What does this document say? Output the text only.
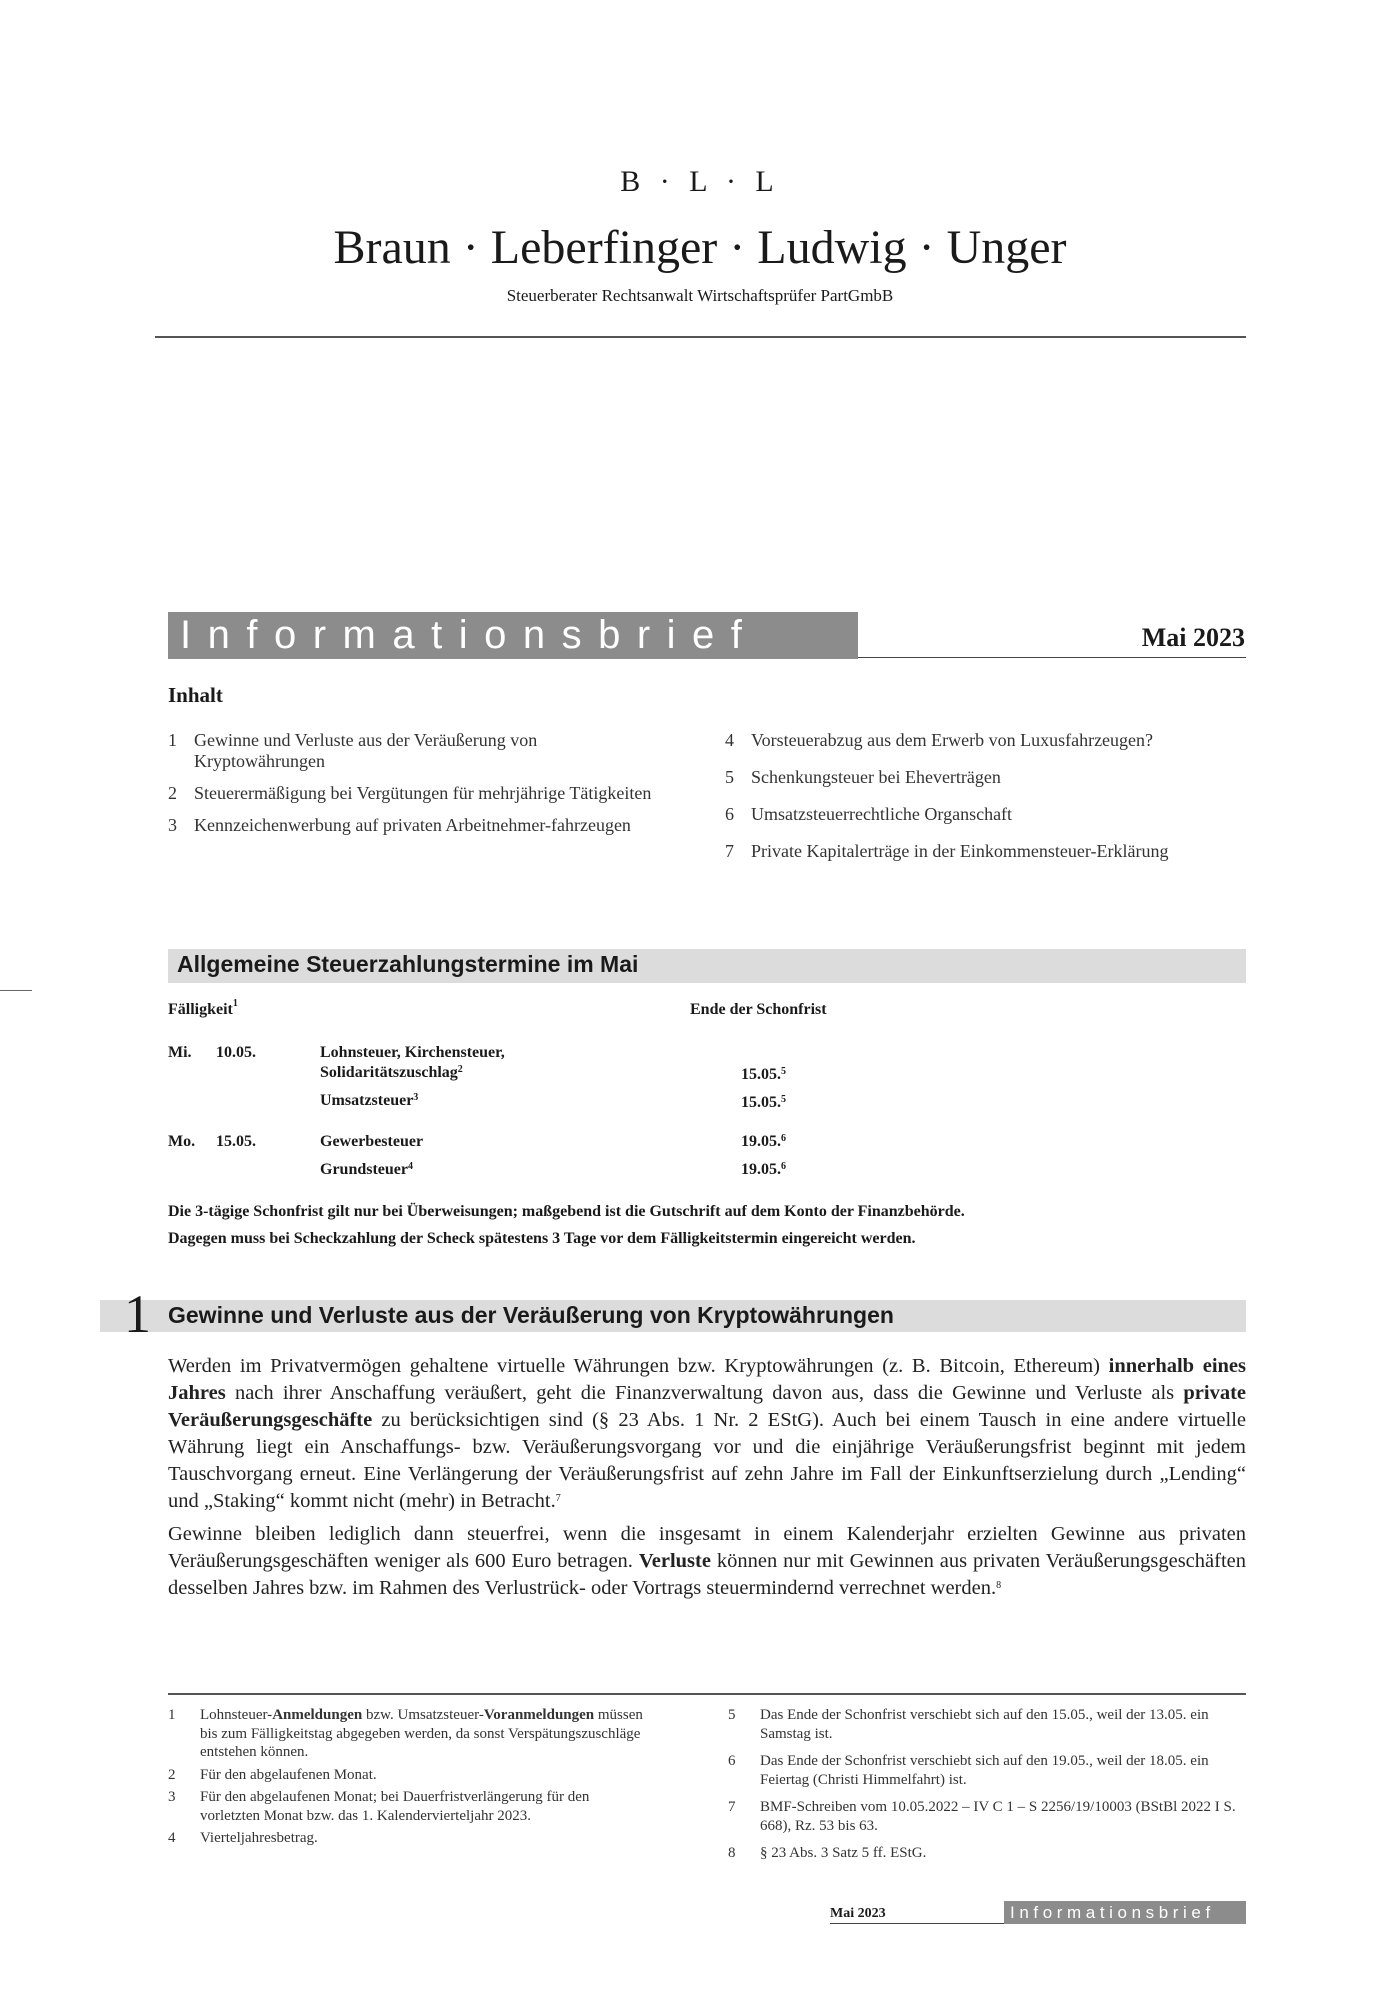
B · L · L
Braun · Leberfinger · Ludwig · Unger
Steuerberater Rechtsanwalt Wirtschaftsprüfer PartGmbB
Informationsbrief	Mai 2023
Inhalt
1 Gewinne und Verluste aus der Veräußerung von Kryptowährungen
2 Steuerermäßigung bei Vergütungen für mehrjährige Tätigkeiten
3 Kennzeichenwerbung auf privaten Arbeitnehmer-fahrzeugen
4 Vorsteuerabzug aus dem Erwerb von Luxusfahrzeugen?
5 Schenkungsteuer bei Eheverträgen
6 Umsatzsteuerrechtliche Organschaft
7 Private Kapitalerträge in der Einkommensteuer-Erklärung
Allgemeine Steuerzahlungstermine im Mai
Fälligkeit$^1$	Ende der Schonfrist
Mi. 10.05.	Lohnsteuer, Kirchensteuer,
Solidaritätszuschlag$^2$	15.05.$^5$
Umsatzsteuer$^3$	15.05.$^5$
Mo. 15.05.	Gewerbesteuer	19.05.$^6$
Grundsteuer$^4$	19.05.$^6$
Die 3-tägige Schonfrist gilt nur bei Überweisungen; maßgebend ist die Gutschrift auf dem Konto der Finanzbehörde.
Dagegen muss bei Scheckzahlung der Scheck spätestens 3 Tage vor dem Fälligkeitstermin eingereicht werden.
1 Gewinne und Verluste aus der Veräußerung von Kryptowährungen

Werden im Privatvermögen gehaltene virtuelle Währungen bzw. Kryptowährungen (z. B. Bitcoin, Ethereum) innerhalb eines Jahres nach ihrer Anschaffung veräußert, geht die Finanzverwaltung davon aus, dass die Gewinne und Verluste als private Veräußerungsgeschäfte zu berücksichtigen sind (§ 23 Abs. 1 Nr. 2 EStG). Auch bei einem Tausch in eine andere virtuelle Währung liegt ein Anschaffungs- bzw. Veräußerungsvorgang vor und die einjährige Veräußerungsfrist beginnt mit jedem Tauschvorgang erneut. Eine Verlängerung der Veräußerungsfrist auf zehn Jahre im Fall der Einkunftserzielung durch „Lending“ und „Staking“ kommt nicht (mehr) in Betracht.$^7$

Gewinne bleiben lediglich dann steuerfrei, wenn die insgesamt in einem Kalenderjahr erzielten Gewinne aus privaten Veräußerungsgeschäften weniger als 600 Euro betragen. Verluste können nur mit Gewinnen aus privaten Veräußerungsgeschäften desselben Jahres bzw. im Rahmen des Verlustrück- oder Vortrags steuermindernd verrechnet werden.$^8$

1	Lohnsteuer-Anmeldungen bzw. Umsatzsteuer-Voranmeldungen müssen bis zum Fälligkeitstag abgegeben werden, da sonst Verspätungszuschläge entstehen können.
2	Für den abgelaufenen Monat.
3	Für den abgelaufenen Monat; bei Dauerfristverlängerung für den vorletzten Monat bzw. das 1. Kalendervierteljahr 2023.
4	Vierteljahresbetrag.
5	Das Ende der Schonfrist verschiebt sich auf den 15.05., weil der 13.05. ein Samstag ist.
6	Das Ende der Schonfrist verschiebt sich auf den 19.05., weil der 18.05. ein Feiertag (Christi Himmelfahrt) ist.
7	BMF-Schreiben vom 10.05.2022 – IV C 1 – S 2256/19/10003 (BStBl 2022 I S. 668), Rz. 53 bis 63.
8	§ 23 Abs. 3 Satz 5 ff. EStG.
Mai 2023	Informationsbrief
